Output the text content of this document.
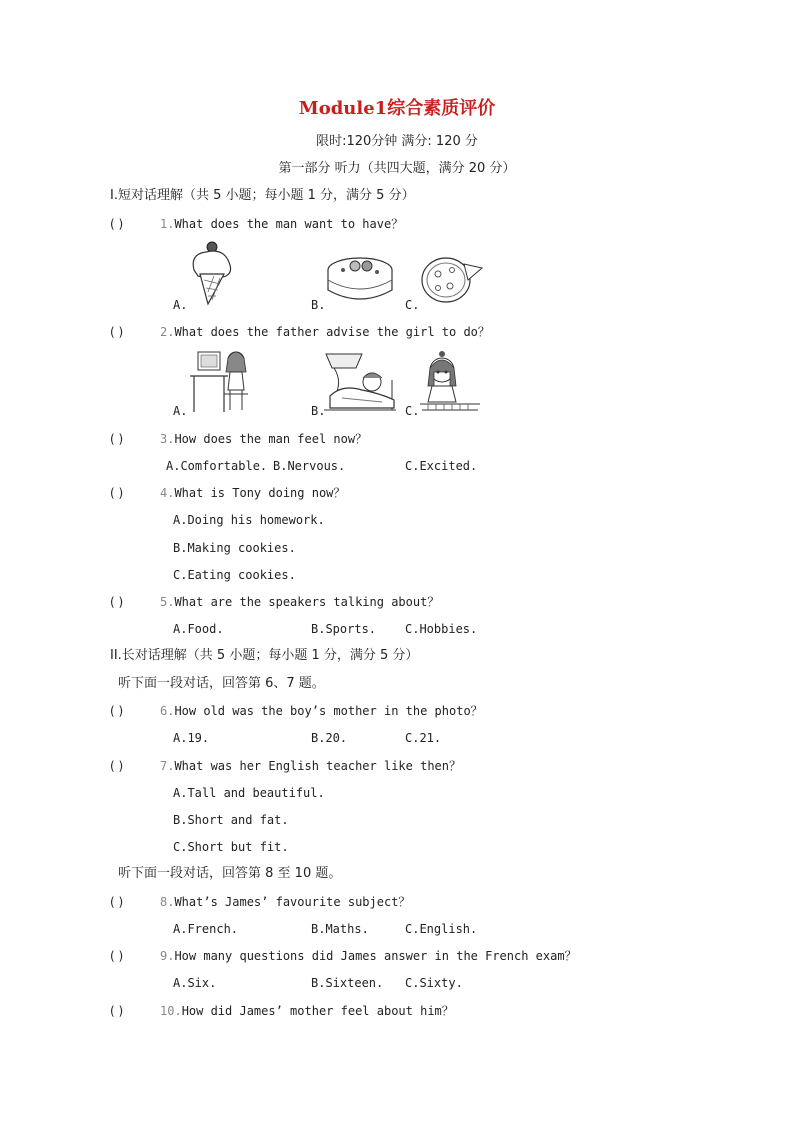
Module1综合素质评价
限时:120分钟 满分: 120 分
第一部分 听力（共四大题，满分 20 分）
I.短对话理解（共 5 小题；每小题 1 分，满分 5 分）
( )	1.What does the man want to have？
A.	B.	C.
( )	2.What does the father advise the girl to do？
A.	B.	C.
( )	3.How does the man feel now？
A.Comfortable. B.Nervous.	C.Excited.
( )	4.What is Tony doing now？
A.Doing his homework.
B.Making cookies.
C.Eating cookies.
( )	5.What are the speakers talking about？
A.Food.	B.Sports. C.Hobbies.
II.长对话理解（共 5 小题；每小题 1 分，满分 5 分）
听下面一段对话，回答第 6、7 题。
( )	6.How old was the boy’s mother in the photo？
A.19.	B.20.	C.21.
( )	7.What was her English teacher like then？
A.Tall and beautiful.
B.Short and fat.
C.Short but fit.
听下面一段对话，回答第 8 至 10 题。
( )	8.What’s James’ favourite subject？
A.French.	B.Maths.	C.English.
( )	9.How many questions did James answer in the French exam？
A.Six.	B.Sixteen. C.Sixty.
( )	10.How did James’ mother feel about him？
